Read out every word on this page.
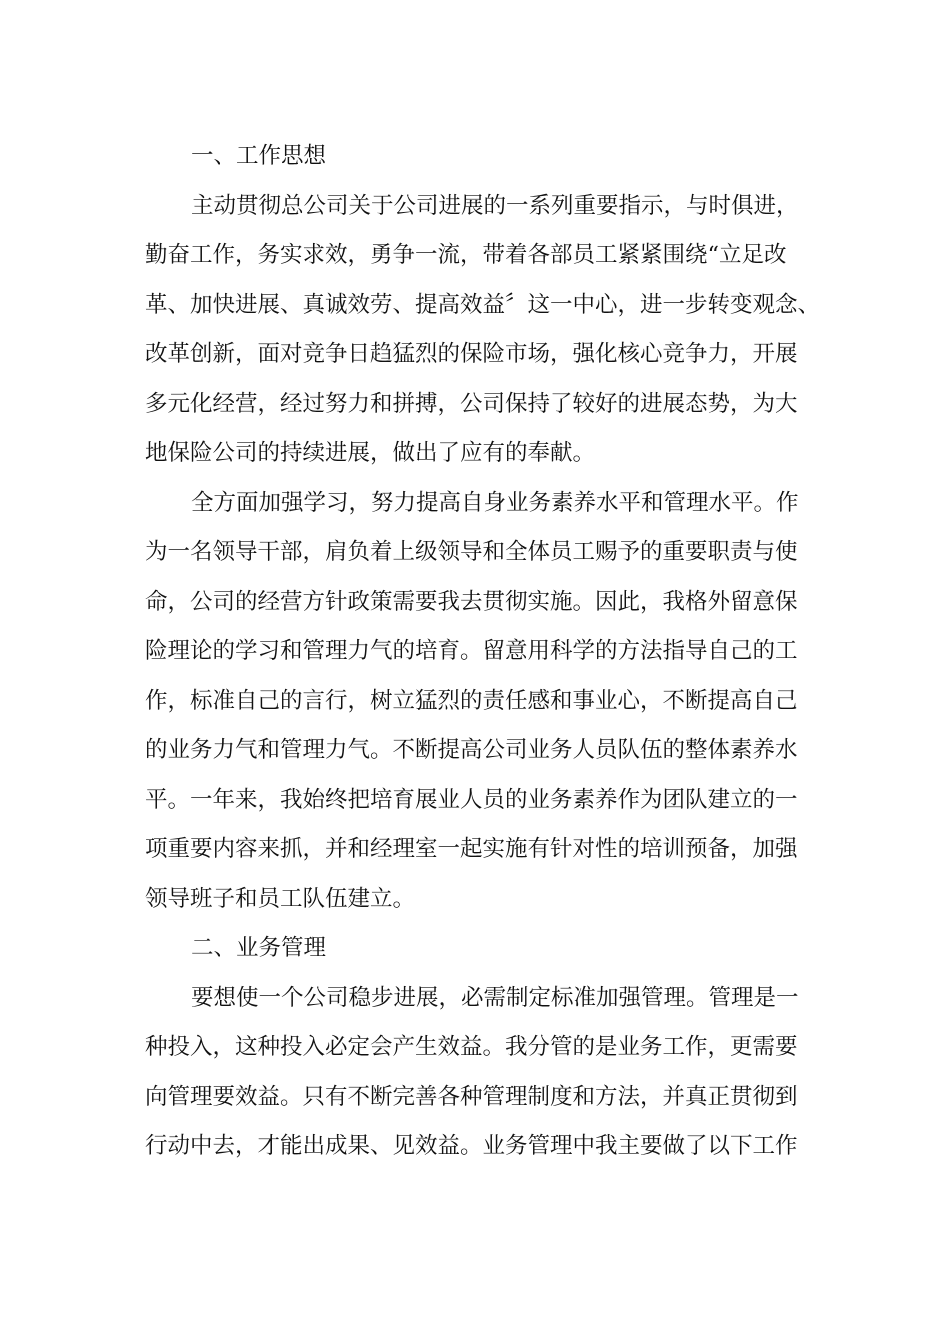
一、工作思想
主动贯彻总公司关于公司进展的一系列重要指示，与时俱进，
勤奋工作，务实求效，勇争一流，带着各部员工紧紧围绕“立足改
革、加快进展、真诚效劳、提高效益〞这一中心，进一步转变观念、
改革创新，面对竞争日趋猛烈的保险市场，强化核心竞争力，开展
多元化经营，经过努力和拼搏，公司保持了较好的进展态势，为大
地保险公司的持续进展，做出了应有的奉献。
全方面加强学习，努力提高自身业务素养水平和管理水平。作
为一名领导干部，肩负着上级领导和全体员工赐予的重要职责与使
命，公司的经营方针政策需要我去贯彻实施。因此，我格外留意保
险理论的学习和管理力气的培育。留意用科学的方法指导自己的工
作，标准自己的言行，树立猛烈的责任感和事业心，不断提高自己
的业务力气和管理力气。不断提高公司业务人员队伍的整体素养水
平。一年来，我始终把培育展业人员的业务素养作为团队建立的一
项重要内容来抓，并和经理室一起实施有针对性的培训预备，加强
领导班子和员工队伍建立。
二、业务管理
要想使一个公司稳步进展，必需制定标准加强管理。管理是一
种投入，这种投入必定会产生效益。我分管的是业务工作，更需要
向管理要效益。只有不断完善各种管理制度和方法，并真正贯彻到
行动中去，才能出成果、见效益。业务管理中我主要做了以下工作
